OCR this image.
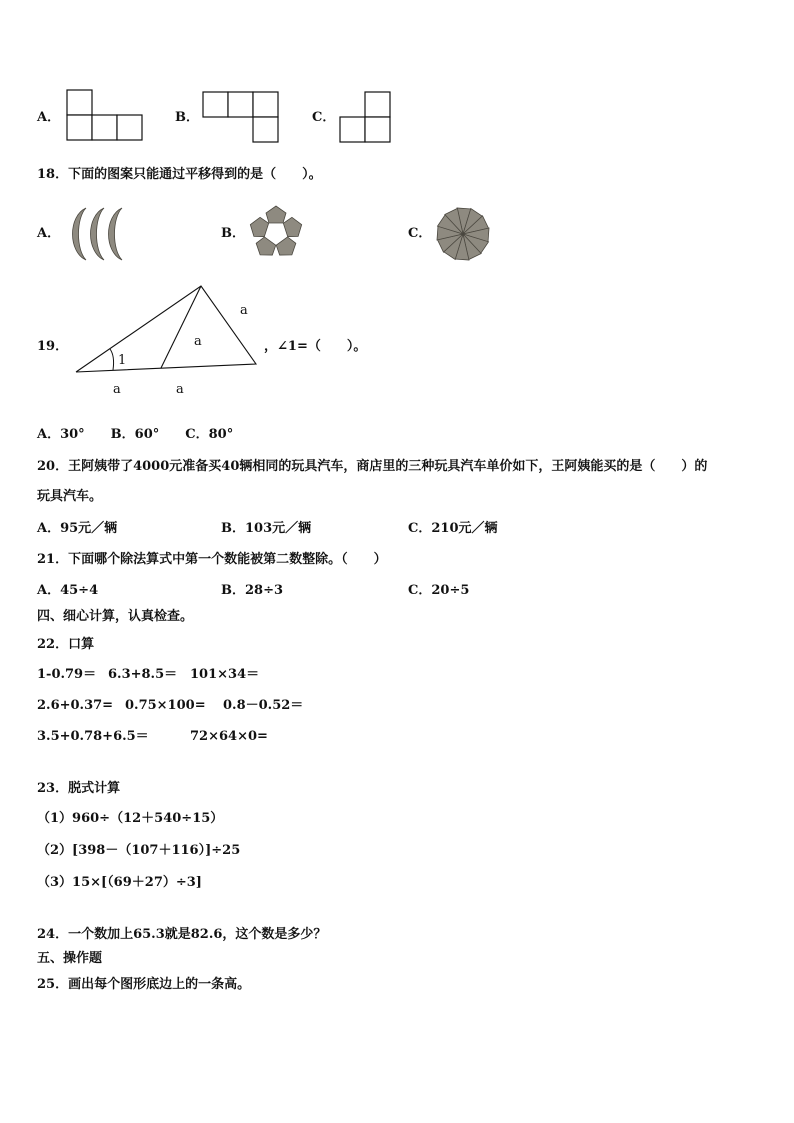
A．	B．	C．
18．下面的图案只能通过平移得到的是（　　）。
A．	B．	C．
19．
a
a
1
a	a
，∠1=（　　）。
A．30°　　B．60°　　C．80°
20．王阿姨带了4000元准备买40辆相同的玩具汽车，商店里的三种玩具汽车单价如下，王阿姨能买的是（　　）的
玩具汽车。
A．95元／辆	B．103元／辆	C．210元／辆
21．下面哪个除法算式中第一个数能被第二数整除。（　　）
A．45÷4	B．28÷3	C．20÷5
四、细心计算，认真检查。
22．口算
1-0.79＝ 6.3+8.5＝ 101×34＝
2.6+0.37= 0.75×100= 0.8－0.52＝
3.5+0.78+6.5＝	72×64×0=
23．脱式计算
（1）960÷（12＋540÷15）
（2）[398－（107＋116）]÷25
（3）15×[（69＋27）÷3]
24．一个数加上65.3就是82.6，这个数是多少？
五、操作题
25．画出每个图形底边上的一条高。
